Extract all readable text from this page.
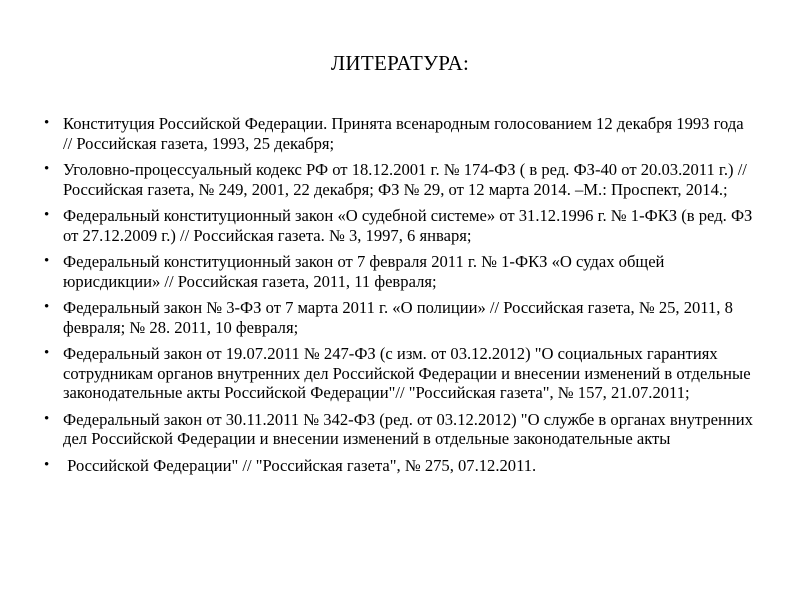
ЛИТЕРАТУРА:
• Конституция Российской Федерации. Принята всенародным голосованием 12 декабря 1993 года // Российская газета, 1993, 25 декабря;
• Уголовно-процессуальный кодекс РФ от 18.12.2001 г. № 174-ФЗ ( в ред. ФЗ-40 от 20.03.2011 г.) // Российская газета, № 249, 2001, 22 декабря; ФЗ № 29, от 12 марта 2014. –М.: Проспект, 2014.;
• Федеральный конституционный закон «О судебной системе» от 31.12.1996 г. № 1-ФКЗ (в ред. ФЗ от 27.12.2009 г.) // Российская газета. № 3, 1997, 6 января;
• Федеральный конституционный закон от 7 февраля 2011 г. № 1-ФКЗ «О судах общей юрисдикции» // Российская газета, 2011, 11 февраля;
• Федеральный закон № 3-ФЗ от 7 марта 2011 г. «О полиции» // Российская газета, № 25, 2011, 8 февраля; № 28. 2011, 10 февраля;
• Федеральный закон от 19.07.2011 № 247-ФЗ (с изм. от 03.12.2012) "О социальных гарантиях сотрудникам органов внутренних дел Российской Федерации и внесении изменений в отдельные законодательные акты Российской Федерации"// "Российская газета", № 157, 21.07.2011;
• Федеральный закон от 30.11.2011 № 342-ФЗ (ред. от 03.12.2012) "О службе в органах внутренних дел Российской Федерации и внесении изменений в отдельные законодательные акты
• Российской Федерации" // "Российская газета", № 275, 07.12.2011.
